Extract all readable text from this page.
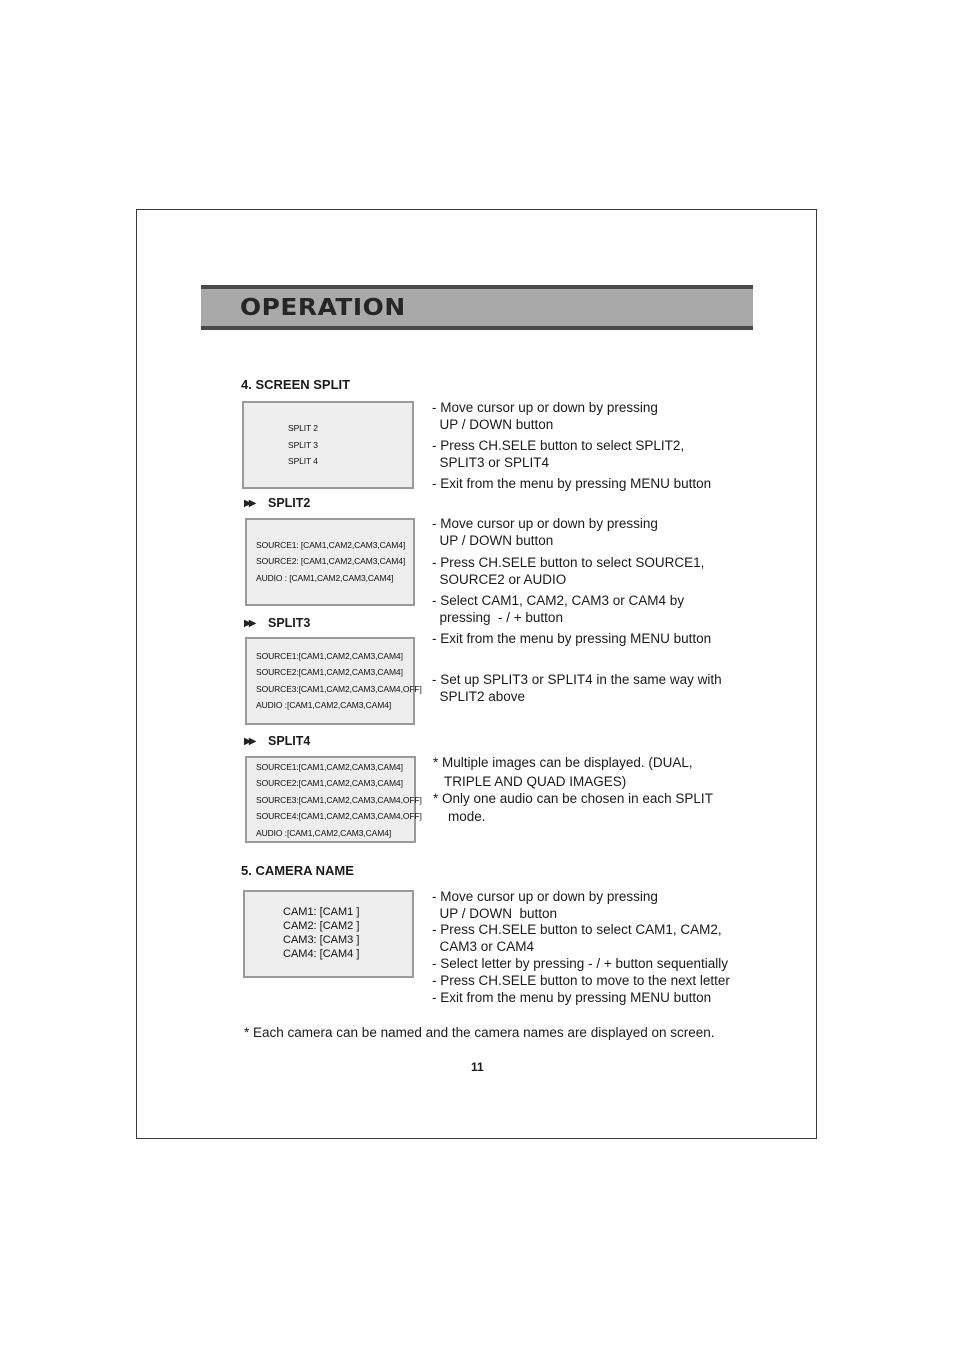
OPERATION
4. SCREEN SPLIT
SPLIT 2
SPLIT 3
SPLIT 4
- Move cursor up or down by pressing
UP / DOWN button
- Press CH.SELE button to select SPLIT2,
SPLIT3 or SPLIT4
- Exit from the menu by pressing MENU button
▶▶ SPLIT2
SOURCE1: [CAM1,CAM2,CAM3,CAM4]
SOURCE2: [CAM1,CAM2,CAM3,CAM4]
AUDIO : [CAM1,CAM2,CAM3,CAM4]
- Move cursor up or down by pressing
UP / DOWN button
- Press CH.SELE button to select SOURCE1,
SOURCE2 or AUDIO
- Select CAM1, CAM2, CAM3 or CAM4 by
pressing  - / + button
- Exit from the menu by pressing MENU button
- Set up SPLIT3 or SPLIT4 in the same way with
SPLIT2 above
▶▶ SPLIT3
SOURCE1:[CAM1,CAM2,CAM3,CAM4]
SOURCE2:[CAM1,CAM2,CAM3,CAM4]
SOURCE3:[CAM1,CAM2,CAM3,CAM4,OFF]
AUDIO :[CAM1,CAM2,CAM3,CAM4]
▶▶ SPLIT4
SOURCE1:[CAM1,CAM2,CAM3,CAM4]
SOURCE2:[CAM1,CAM2,CAM3,CAM4]
SOURCE3:[CAM1,CAM2,CAM3,CAM4,OFF]
SOURCE4:[CAM1,CAM2,CAM3,CAM4,OFF]
AUDIO :[CAM1,CAM2,CAM3,CAM4]
* Multiple images can be displayed. (DUAL,
TRIPLE AND QUAD IMAGES)
* Only one audio can be chosen in each SPLIT
mode.
5. CAMERA NAME
CAM1: [CAM1 ]
CAM2: [CAM2 ]
CAM3: [CAM3 ]
CAM4: [CAM4 ]
- Move cursor up or down by pressing
UP / DOWN  button
- Press CH.SELE button to select CAM1, CAM2,
CAM3 or CAM4
- Select letter by pressing - / + button sequentially
- Press CH.SELE button to move to the next letter
- Exit from the menu by pressing MENU button
* Each camera can be named and the camera names are displayed on screen.
11
